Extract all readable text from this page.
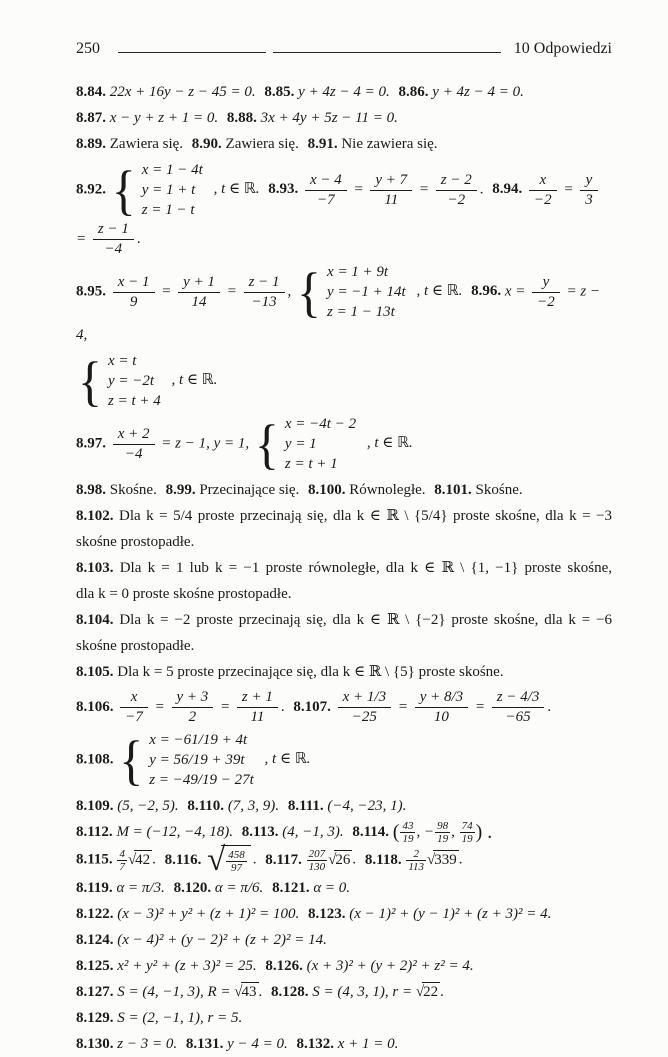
250	10 Odpowiedzi
8.84. 22x + 16y − z − 45 = 0. 8.85. y + 4z − 4 = 0. 8.86. y + 4z − 4 = 0.
8.87. x − y + z + 1 = 0. 8.88. 3x + 4y + 5z − 11 = 0.
8.89. Zawiera się. 8.90. Zawiera się. 8.91. Nie zawiera się.
8.92. { x = 1 − 4t
y = 1 + t
z = 1 − t
, t ∈ ℝ. 8.93. $\frac{x - 4}{-7} = \frac{y + 7}{11} = \frac{z - 2}{-2}$ . 8.94. $\frac{x}{-2} = \frac{y}{3}$
= $\frac{z - 1}{-4}$ .
8.95. $\frac{x - 1}{9} = \frac{y + 1}{14} = \frac{z - 1}{-13}$ , { x = 1 + 9t
y = −1 + 14t
z = 1 − 13t
, t ∈ ℝ. 8.96. $x = \frac{y}{-2} = z - 4$,
{ x = t
y = −2t
z = t + 4
, t ∈ ℝ.
8.97. $\frac{x + 2}{-4} = z - 1$, y = 1, { x = −4t − 2
y = 1
z = t + 1
, t ∈ ℝ.
8.98. Skośne. 8.99. Przecinające się. 8.100. Równoległe. 8.101. Skośne.
8.102. Dla k = 5/4 proste przecinają się, dla k ∈ ℝ \ {5/4} proste skośne, dla k = −3
skośne prostopadłe.
8.103. Dla k = 1 lub k = −1 proste równoległe, dla k ∈ ℝ \ {1, −1} proste skośne,
dla k = 0 proste skośne prostopadłe.
8.104. Dla k = −2 proste przecinają się, dla k ∈ ℝ \ {−2} proste skośne, dla k = −6
skośne prostopadłe.
8.105. Dla k = 5 proste przecinające się, dla k ∈ ℝ \ {5} proste skośne.
8.106. $\frac{x}{-7} = \frac{y + 3}{2} = \frac{z + 1}{11}$ . 8.107. $\frac{x + 1/3}{-25} = \frac{y + 8/3}{10} = \frac{z - 4/3}{-65}$ .
8.108. { x = −61/19 + 4t
y = 56/19 + 39t
z = −49/19 − 27t
, t ∈ ℝ.
8.109. (5, −2, 5). 8.110. (7, 3, 9). 8.111. (−4, −23, 1).
8.112. M = (−12, −4, 18). 8.113. (4, −1, 3). 8.114. ( $\frac{43}{19}$ , − $\frac{98}{19}$ , $\frac{74}{19}$ ) .
8.115. $\frac{4}{7} √42$ . 8.116. √ $\frac{458}{97}$ . 8.117. $\frac{207}{130} √26$ . 8.118. $\frac{2}{113} √339$ .
8.119. α = π/3. 8.120. α = π/6. 8.121. α = 0.
8.122. (x − 3)² + y² + (z + 1)² = 100. 8.123. (x − 1)² + (y − 1)² + (z + 3)² = 4.
8.124. (x − 4)² + (y − 2)² + (z + 2)² = 14.
8.125. x² + y² + (z + 3)² = 25. 8.126. (x + 3)² + (y + 2)² + z² = 4.
8.127. S = (4, −1, 3), R = √43 . 8.128. S = (4, 3, 1), r = √22 .
8.129. S = (2, −1, 1), r = 5.
8.130. z − 3 = 0. 8.131. y − 4 = 0. 8.132. x + 1 = 0.
